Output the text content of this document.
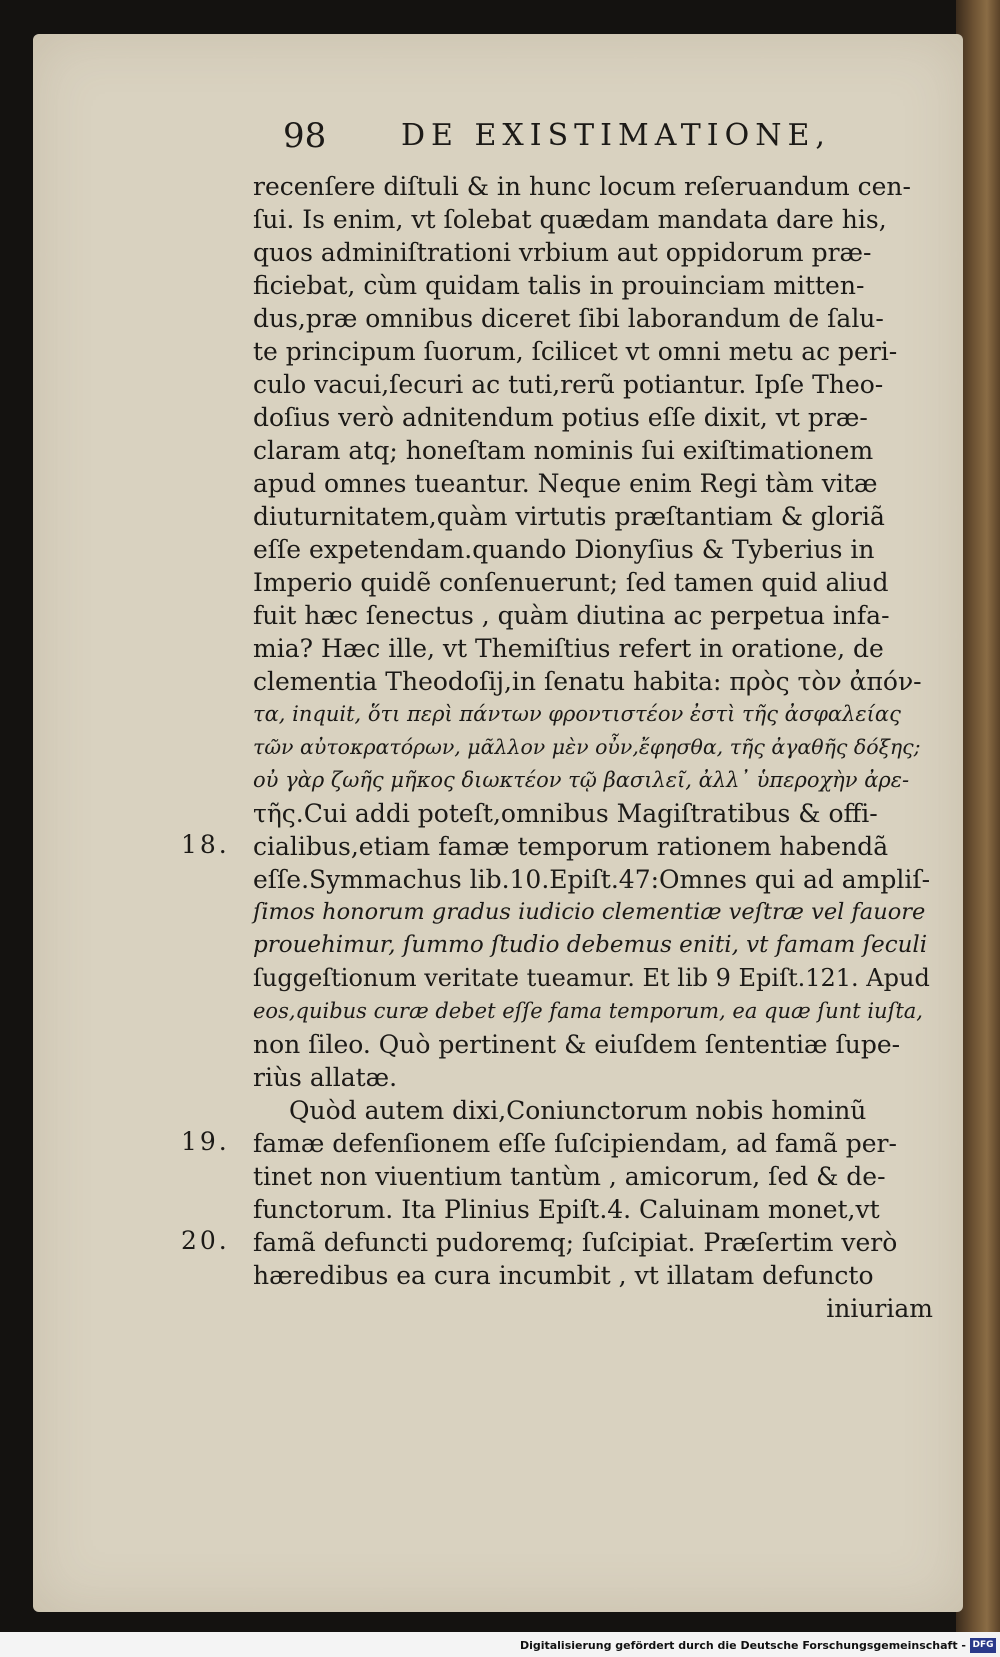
98 DE EXISTIMATIONE,
recenſere diſtuli & in hunc locum reſeruandum cen-
ſui. Is enim, vt ſolebat quædam mandata dare his,
quos adminiſtrationi vrbium aut oppidorum præ-
ficiebat, cùm quidam talis in prouinciam mitten-
dus,præ omnibus diceret ſibi laborandum de ſalu-
te principum ſuorum, ſcilicet vt omni metu ac peri-
culo vacui,ſecuri ac tuti,rerũ potiantur. Ipſe Theo-
doſius verò adnitendum potius eſſe dixit, vt præ-
claram atq; honeſtam nominis ſui exiſtimationem
apud omnes tueantur. Neque enim Regi tàm vitæ
diuturnitatem,quàm virtutis præſtantiam & gloriã
eſſe expetendam.quando Dionyſius & Tyberius in
Imperio quidẽ conſenuerunt; ſed tamen quid aliud
fuit hæc ſenectus , quàm diutina ac perpetua infa-
mia? Hæc ille, vt Themiſtius refert in oratione, de
clementia Theodoſij,in ſenatu habita: πρὸς τὸν ἀπόν-
τα, inquit, ὅτι περὶ πάντων φροντιστέον ἐστὶ τῆς ἀσφαλείας
τῶν αὐτοκρατόρων, μᾶλλον μὲν οὖν,ἔφησθα, τῆς ἀγαθῆς δόξης;
οὐ γὰρ ζωῆς μῆκος διωκτέον τῷ βασιλεῖ, ἀλλ᾽ ὑπεροχὴν ἀρε-
τῆς.Cui addi poteſt,omnibus Magiſtratibus & offi-
cialibus,etiam famæ temporum rationem habendã
eſſe.Symmachus lib.10.Epiſt.47:Omnes qui ad ampliſ-
ſimos honorum gradus iudicio clementiæ veſtræ vel fauore
prouehimur, ſummo ſtudio debemus eniti, vt famam ſeculi
ſuggeſtionum veritate tueamur. Et lib 9 Epiſt.121. Apud
eos,quibus curæ debet eſſe fama temporum, ea quæ ſunt iuſta,
non ſileo. Quò pertinent & eiuſdem ſententiæ ſupe-
riùs allatæ.
Quòd autem dixi,Coniunctorum nobis hominũ
famæ defenſionem eſſe ſuſcipiendam, ad famã per-
tinet non viuentium tantùm , amicorum, ſed & de-
functorum. Ita Plinius Epiſt.4. Caluinam monet,vt
famã defuncti pudoremq; ſuſcipiat. Præſertim verò
hæredibus ea cura incumbit , vt illatam defuncto
iniuriam
18.
19.
20.
Digitalisierung gefördert durch die Deutsche Forschungsgemeinschaft - DFG
